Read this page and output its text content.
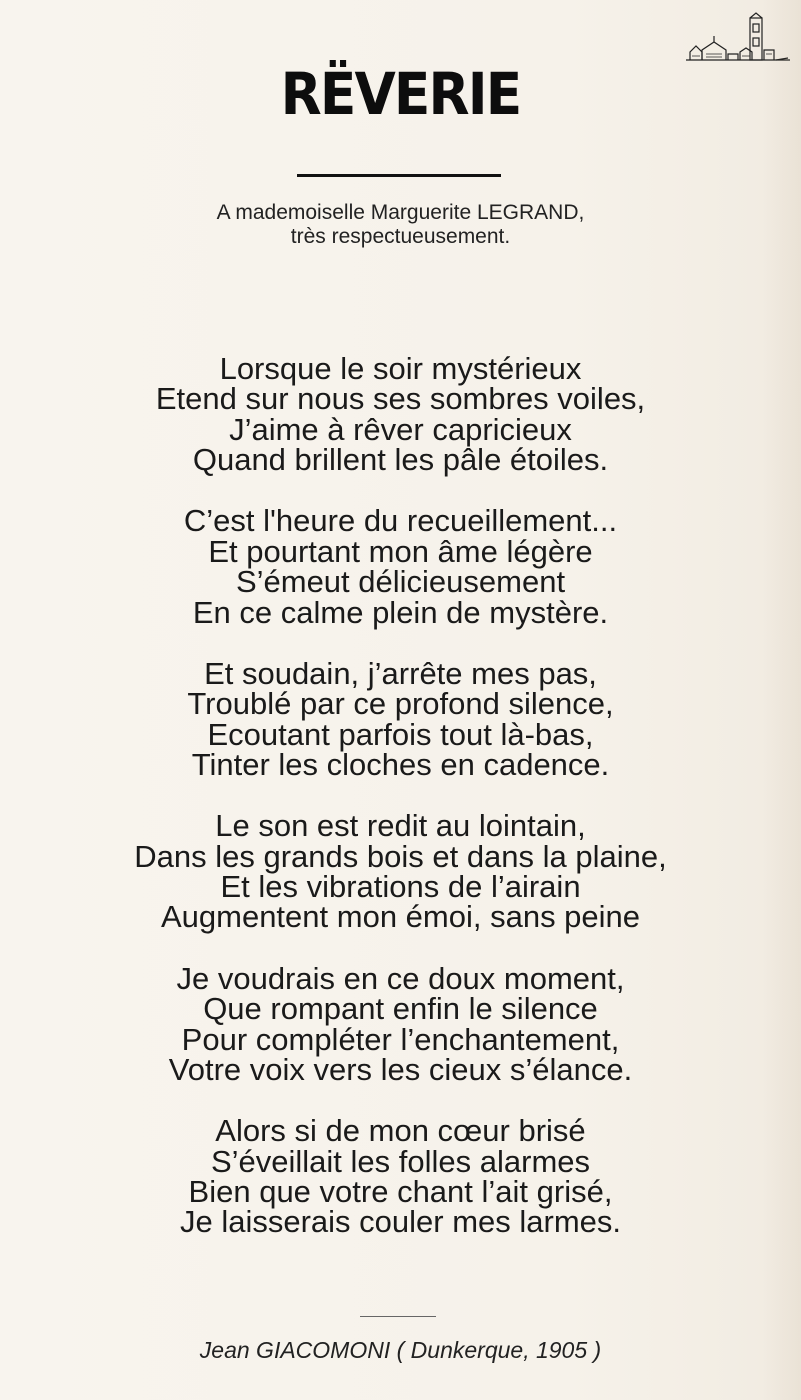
RËVERIE
A mademoiselle Marguerite LEGRAND,
très respectueusement.
Lorsque le soir mystérieux
Etend sur nous ses sombres voiles,
J’aime à rêver capricieux
Quand brillent les pâle étoiles.
C’est l'heure du recueillement...
Et pourtant mon âme légère
S’émeut délicieusement
En ce calme plein de mystère.
Et soudain, j’arrête mes pas,
Troublé par ce profond silence,
Ecoutant parfois tout là-bas,
Tinter les cloches en cadence.
Le son est redit au lointain,
Dans les grands bois et dans la plaine,
Et les vibrations de l’airain
Augmentent mon émoi, sans peine
Je voudrais en ce doux moment,
Que rompant enfin le silence
Pour compléter l’enchantement,
Votre voix vers les cieux s’élance.
Alors si de mon cœur brisé
S’éveillait les folles alarmes
Bien que votre chant l’ait grisé,
Je laisserais couler mes larmes.
Jean GIACOMONI ( Dunkerque, 1905 )
